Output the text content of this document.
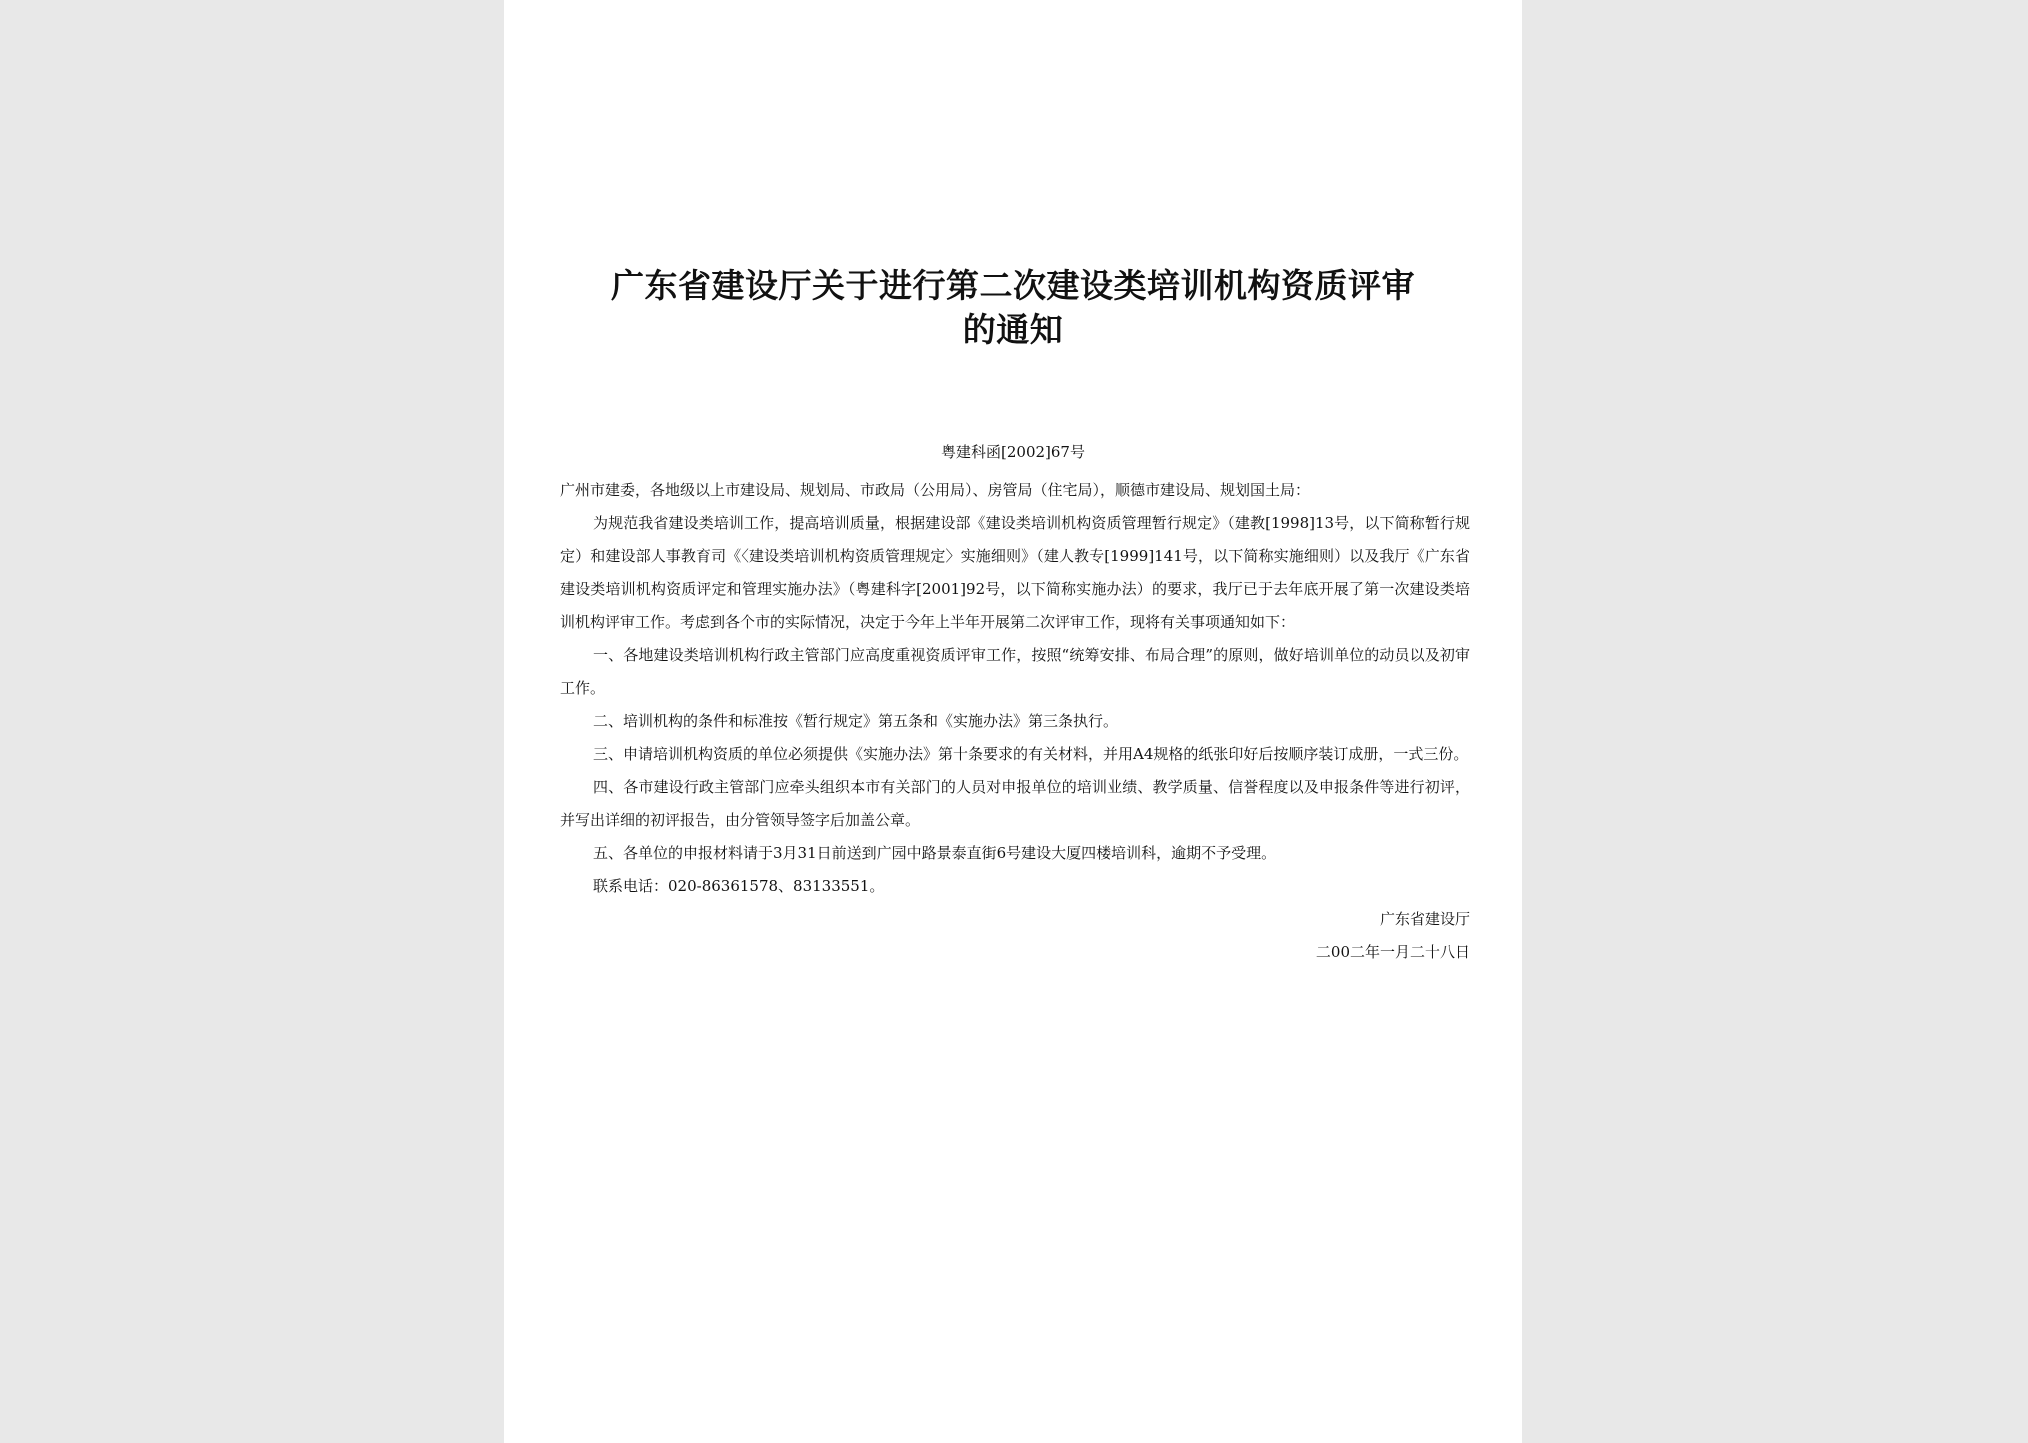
广东省建设厅关于进行第二次建设类培训机构资质评审
的通知
粤建科函[2002]67号

广州市建委，各地级以上市建设局、规划局、市政局（公用局）、房管局（住宅局），顺德市建设局、规划国土局：

为规范我省建设类培训工作，提高培训质量，根据建设部《建设类培训机构资质管理暂行规定》（建教[1998]13号，以下简称暂行规定）和建设部人事教育司《〈建设类培训机构资质管理规定〉实施细则》（建人教专[1999]141号，以下简称实施细则）以及我厅《广东省建设类培训机构资质评定和管理实施办法》（粤建科字[2001]92号，以下简称实施办法）的要求，我厅已于去年底开展了第一次建设类培训机构评审工作。考虑到各个市的实际情况，决定于今年上半年开展第二次评审工作，现将有关事项通知如下：

一、各地建设类培训机构行政主管部门应高度重视资质评审工作，按照“统筹安排、布局合理”的原则，做好培训单位的动员以及初审工作。

二、培训机构的条件和标准按《暂行规定》第五条和《实施办法》第三条执行。

三、申请培训机构资质的单位必须提供《实施办法》第十条要求的有关材料，并用A4规格的纸张印好后按顺序装订成册，一式三份。

四、各市建设行政主管部门应牵头组织本市有关部门的人员对申报单位的培训业绩、教学质量、信誉程度以及申报条件等进行初评，并写出详细的初评报告，由分管领导签字后加盖公章。

五、各单位的申报材料请于3月31日前送到广园中路景泰直街6号建设大厦四楼培训科，逾期不予受理。

联系电话：020-86361578、83133551。

广东省建设厅

二00二年一月二十八日
